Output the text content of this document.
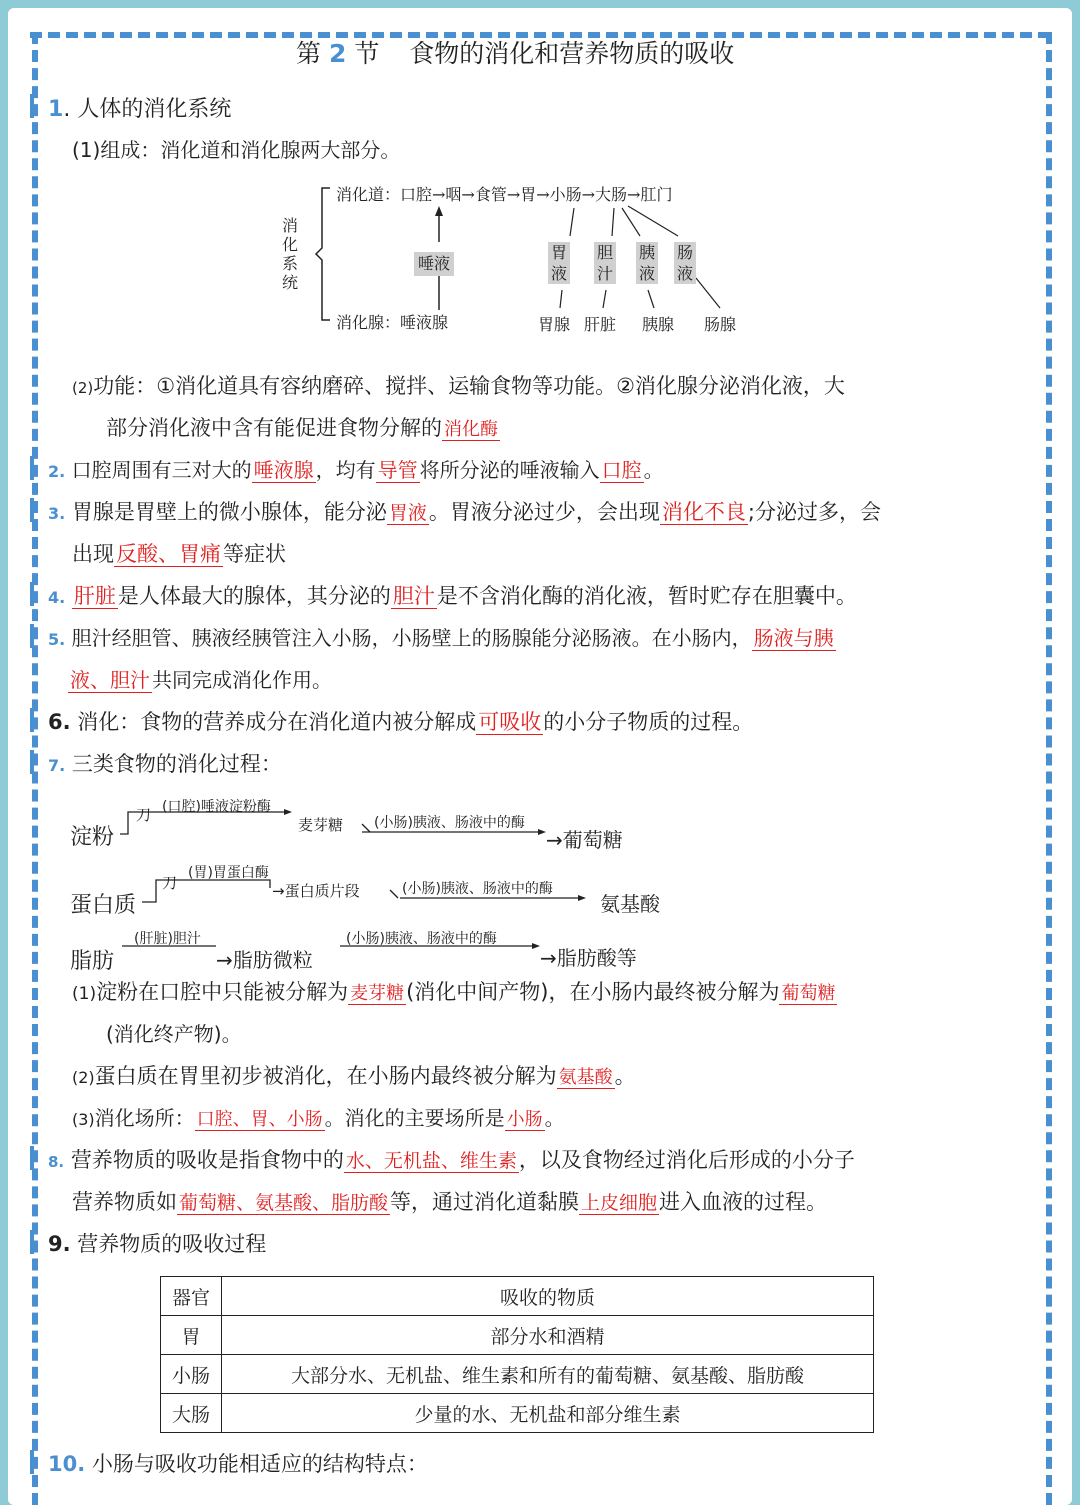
第 2 节 食物的消化和营养物质的吸收
1. 人体的消化系统
(1)组成：消化道和消化腺两大部分。
消
化
系
统
消化道：口腔→咽→食管→胃→小肠→大肠→肛门
消化腺：唾液腺
唾液
胃
液
胆
汁
胰
液
肠
液
胃腺 肝脏 胰腺 肠腺
(2)功能：①消化道具有容纳磨碎、搅拌、运输食物等功能。②消化腺分泌消化液，大
部分消化液中含有能促进食物分解的 消化酶
2. 口腔周围有三对大的 唾液腺 ，均有 导管 将所分泌的唾液输入 口腔 。
3. 胃腺是胃壁上的微小腺体，能分泌 胃液。胃液分泌过少，会出现消化不良;分泌过多，会
出现反酸、胃痛等症状
4. 肝脏是人体最大的腺体，其分泌的胆汁是不含消化酶的消化液，暂时贮存在胆囊中。
5. 胆汁经胆管、胰液经胰管注入小肠，小肠壁上的肠腺能分泌肠液。在小肠内， 肠液与胰
液、胆汁 共同完成消化作用。
6. 消化：食物的营养成分在消化道内被分解成可吸收的小分子物质的过程。
7. 三类食物的消化过程：
淀粉
刀 (口腔)唾液淀粉酶
麦芽糖 (小肠)胰液、肠液中的酶
→葡萄糖
蛋白质
刀
(胃)胃蛋白酶
→蛋白质片段	(小肠)胰液、肠液中的酶
氨基酸
脂肪
(肝脏)胆汁
→脂肪微粒
(小肠)胰液、肠液中的酶
→脂肪酸等
(1)淀粉在口腔中只能被分解为 麦芽糖(消化中间产物)，在小肠内最终被分解为 葡萄糖
(消化终产物)。
(2)蛋白质在胃里初步被消化，在小肠内最终被分解为 氨基酸。
(3)消化场所： 口腔、胃、小肠 。消化的主要场所是 小肠 。
8. 营养物质的吸收是指食物中的 水、无机盐、维生素，以及食物经过消化后形成的小分子
营养物质如 葡萄糖、氨基酸、脂肪酸等，通过消化道黏膜 上皮细胞进入血液的过程。
9. 营养物质的吸收过程
器官	吸收的物质
胃	部分水和酒精
小肠	大部分水、无机盐、维生素和所有的葡萄糖、氨基酸、脂肪酸
大肠	少量的水、无机盐和部分维生素
10. 小肠与吸收功能相适应的结构特点：
